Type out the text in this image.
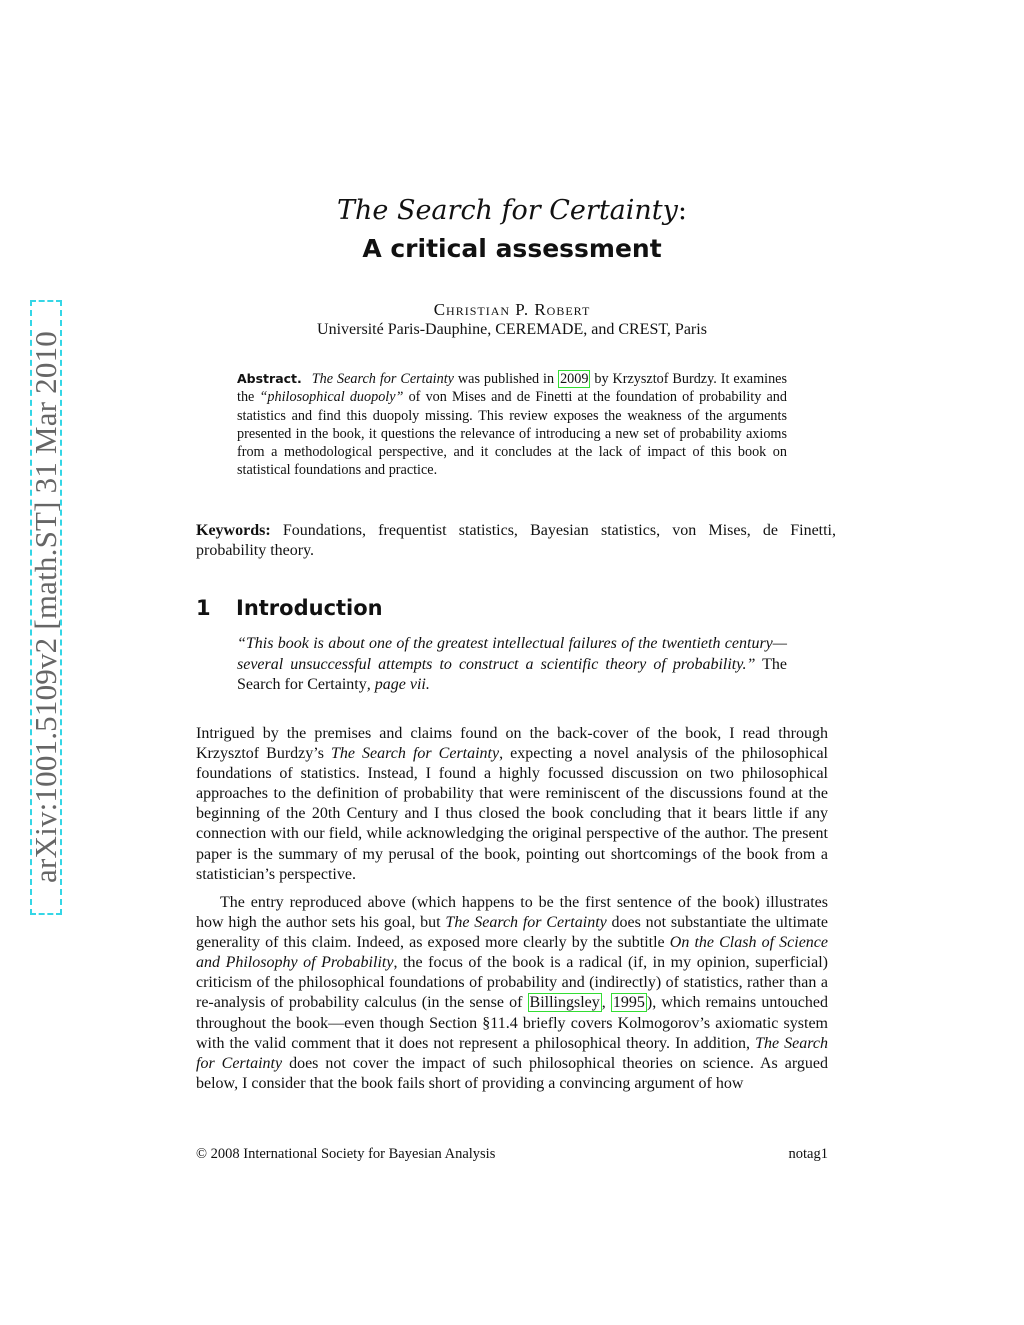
arXiv:1001.5109v2 [math.ST] 31 Mar 2010
The Search for Certainty:
A critical assessment
Christian P. Robert
Université Paris-Dauphine, CEREMADE, and CREST, Paris
Abstract. The Search for Certainty was published in 2009 by Krzysztof Burdzy. It examines the “philosophical duopoly” of von Mises and de Finetti at the foundation of probability and statistics and find this duopoly missing. This review exposes the weakness of the arguments presented in the book, it questions the relevance of introducing a new set of probability axioms from a methodological perspective, and it concludes at the lack of impact of this book on statistical foundations and practice.
Keywords: Foundations, frequentist statistics, Bayesian statistics, von Mises, de Finetti, probability theory.
1 Introduction
“This book is about one of the greatest intellectual failures of the twentieth century—several unsuccessful attempts to construct a scientific theory of probability.” The Search for Certainty, page vii.
Intrigued by the premises and claims found on the back-cover of the book, I read through Krzysztof Burdzy’s The Search for Certainty, expecting a novel analysis of the philosophical foundations of statistics. Instead, I found a highly focussed discussion on two philosophical approaches to the definition of probability that were reminiscent of the discussions found at the beginning of the 20th Century and I thus closed the book concluding that it bears little if any connection with our field, while acknowledging the original perspective of the author. The present paper is the summary of my perusal of the book, pointing out shortcomings of the book from a statistician’s perspective.
The entry reproduced above (which happens to be the first sentence of the book) illustrates how high the author sets his goal, but The Search for Certainty does not substantiate the ultimate generality of this claim. Indeed, as exposed more clearly by the subtitle On the Clash of Science and Philosophy of Probability, the focus of the book is a radical (if, in my opinion, superficial) criticism of the philosophical foundations of probability and (indirectly) of statistics, rather than a re-analysis of probability calculus (in the sense of Billingsley , 1995 ), which remains untouched throughout the book—even though Section §11.4 briefly covers Kolmogorov’s axiomatic system with the valid comment that it does not represent a philosophical theory. In addition, The Search for Certainty does not cover the impact of such philosophical theories on science. As argued below, I consider that the book fails short of providing a convincing argument of how
© 2008 International Society for Bayesian Analysis	notag1
